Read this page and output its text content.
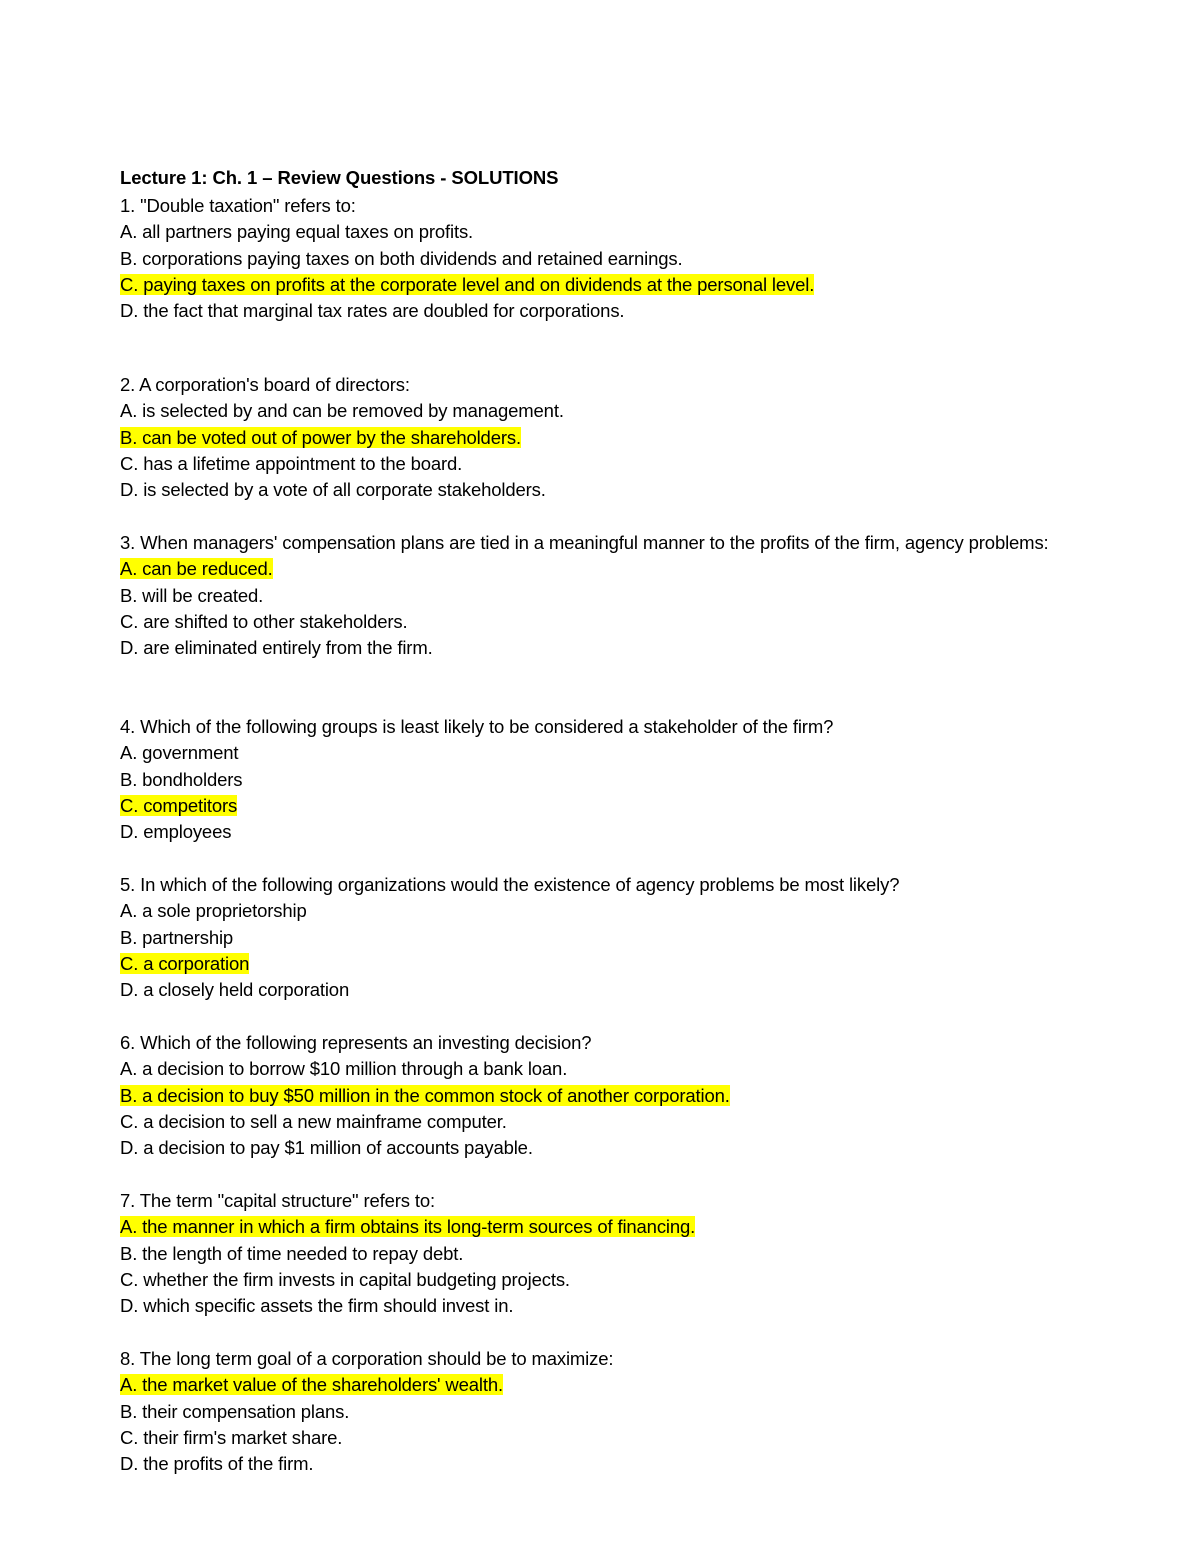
Lecture 1: Ch. 1 – Review Questions - SOLUTIONS
1. "Double taxation" refers to:
A. all partners paying equal taxes on profits.
B. corporations paying taxes on both dividends and retained earnings.
C. paying taxes on profits at the corporate level and on dividends at the personal level.
D. the fact that marginal tax rates are doubled for corporations.
2. A corporation's board of directors:
A. is selected by and can be removed by management.
B. can be voted out of power by the shareholders.
C. has a lifetime appointment to the board.
D. is selected by a vote of all corporate stakeholders.
3. When managers' compensation plans are tied in a meaningful manner to the profits of the firm, agency problems:
A. can be reduced.
B. will be created.
C. are shifted to other stakeholders.
D. are eliminated entirely from the firm.
4. Which of the following groups is least likely to be considered a stakeholder of the firm?
A. government
B. bondholders
C. competitors
D. employees
5. In which of the following organizations would the existence of agency problems be most likely?
A. a sole proprietorship
B. partnership
C. a corporation
D. a closely held corporation
6. Which of the following represents an investing decision?
A. a decision to borrow $10 million through a bank loan.
B. a decision to buy $50 million in the common stock of another corporation.
C. a decision to sell a new mainframe computer.
D. a decision to pay $1 million of accounts payable.
7. The term "capital structure" refers to:
A. the manner in which a firm obtains its long-term sources of financing.
B. the length of time needed to repay debt.
C. whether the firm invests in capital budgeting projects.
D. which specific assets the firm should invest in.
8. The long term goal of a corporation should be to maximize:
A. the market value of the shareholders' wealth.
B. their compensation plans.
C. their firm's market share.
D. the profits of the firm.
